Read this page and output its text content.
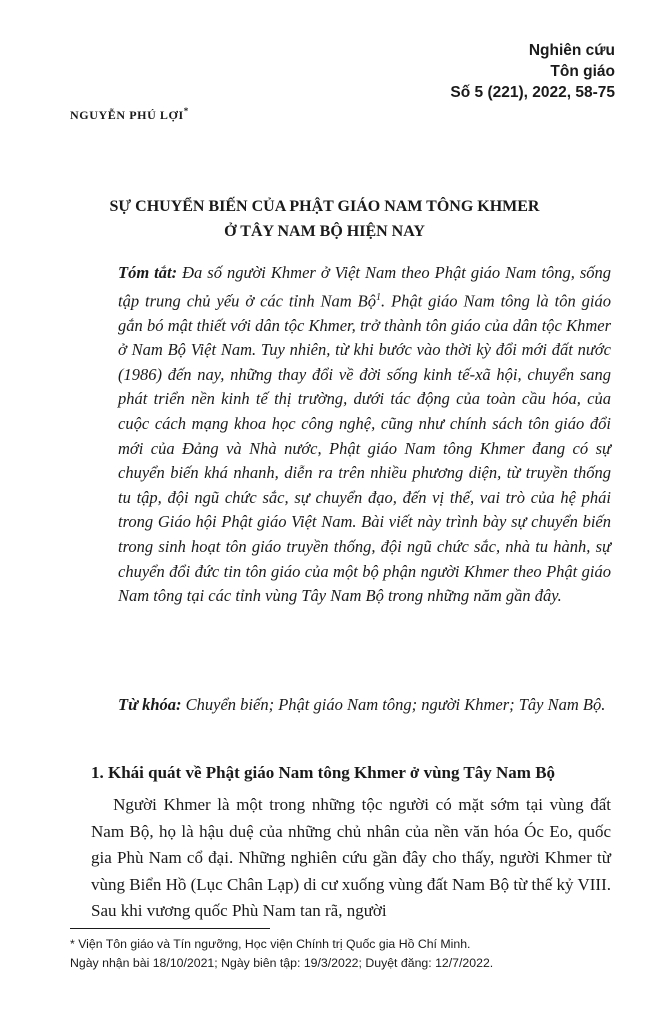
Nghiên cứu
Tôn giáo
Số 5 (221), 2022, 58-75
NGUYỄN PHÚ LỢI*
SỰ CHUYỂN BIẾN CỦA PHẬT GIÁO NAM TÔNG KHMER
Ở TÂY NAM BỘ HIỆN NAY

Tóm tắt: Đa số người Khmer ở Việt Nam theo Phật giáo Nam tông, sống tập trung chủ yếu ở các tỉnh Nam Bộ$^1$. Phật giáo Nam tông là tôn giáo gắn bó mật thiết với dân tộc Khmer, trở thành tôn giáo của dân tộc Khmer ở Nam Bộ Việt Nam. Tuy nhiên, từ khi bước vào thời kỳ đổi mới đất nước (1986) đến nay, những thay đổi về đời sống kinh tế-xã hội, chuyển sang phát triển nền kinh tế thị trường, dưới tác động của toàn cầu hóa, của cuộc cách mạng khoa học công nghệ, cũng như chính sách tôn giáo đổi mới của Đảng và Nhà nước, Phật giáo Nam tông Khmer đang có sự chuyển biến khá nhanh, diễn ra trên nhiều phương diện, từ truyền thống tu tập, đội ngũ chức sắc, sự chuyển đạo, đến vị thế, vai trò của hệ phái trong Giáo hội Phật giáo Việt Nam. Bài viết này trình bày sự chuyển biến trong sinh hoạt tôn giáo truyền thống, đội ngũ chức sắc, nhà tu hành, sự chuyển đổi đức tin tôn giáo của một bộ phận người Khmer theo Phật giáo Nam tông tại các tỉnh vùng Tây Nam Bộ trong những năm gần đây.

Từ khóa: Chuyển biến; Phật giáo Nam tông; người Khmer; Tây Nam Bộ.

1. Khái quát về Phật giáo Nam tông Khmer ở vùng Tây Nam Bộ

Người Khmer là một trong những tộc người có mặt sớm tại vùng đất Nam Bộ, họ là hậu duệ của những chủ nhân của nền văn hóa Óc Eo, quốc gia Phù Nam cổ đại. Những nghiên cứu gần đây cho thấy, người Khmer từ vùng Biển Hồ (Lục Chân Lạp) di cư xuống vùng đất Nam Bộ từ thế kỷ VIII. Sau khi vương quốc Phù Nam tan rã, người

* Viện Tôn giáo và Tín ngưỡng, Học viện Chính trị Quốc gia Hồ Chí Minh.
Ngày nhận bài 18/10/2021; Ngày biên tập: 19/3/2022; Duyệt đăng: 12/7/2022.
